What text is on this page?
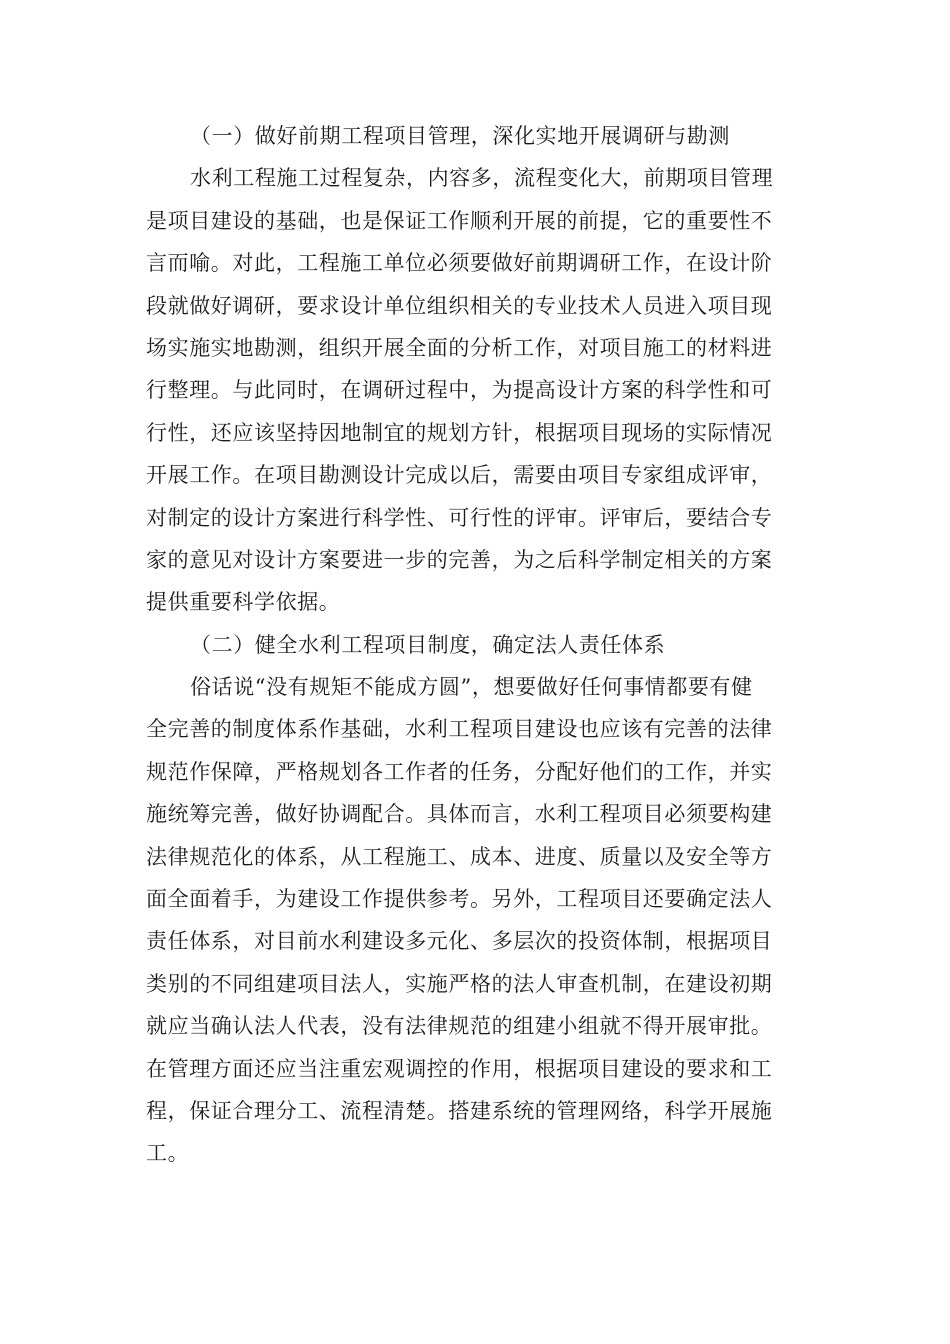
（一）做好前期工程项目管理，深化实地开展调研与勘测
水利工程施工过程复杂，内容多，流程变化大，前期项目管理
是项目建设的基础，也是保证工作顺利开展的前提，它的重要性不
言而喻。对此，工程施工单位必须要做好前期调研工作，在设计阶
段就做好调研，要求设计单位组织相关的专业技术人员进入项目现
场实施实地勘测，组织开展全面的分析工作，对项目施工的材料进
行整理。与此同时，在调研过程中，为提高设计方案的科学性和可
行性，还应该坚持因地制宜的规划方针，根据项目现场的实际情况
开展工作。在项目勘测设计完成以后，需要由项目专家组成评审，
对制定的设计方案进行科学性、可行性的评审。评审后，要结合专
家的意见对设计方案要进一步的完善，为之后科学制定相关的方案
提供重要科学依据。
（二）健全水利工程项目制度，确定法人责任体系
俗话说“没有规矩不能成方圆”，想要做好任何事情都要有健
全完善的制度体系作基础，水利工程项目建设也应该有完善的法律
规范作保障，严格规划各工作者的任务，分配好他们的工作，并实
施统筹完善，做好协调配合。具体而言，水利工程项目必须要构建
法律规范化的体系，从工程施工、成本、进度、质量以及安全等方
面全面着手，为建设工作提供参考。另外，工程项目还要确定法人
责任体系，对目前水利建设多元化、多层次的投资体制，根据项目
类别的不同组建项目法人，实施严格的法人审查机制，在建设初期
就应当确认法人代表，没有法律规范的组建小组就不得开展审批。
在管理方面还应当注重宏观调控的作用，根据项目建设的要求和工
程，保证合理分工、流程清楚。搭建系统的管理网络，科学开展施
工。
